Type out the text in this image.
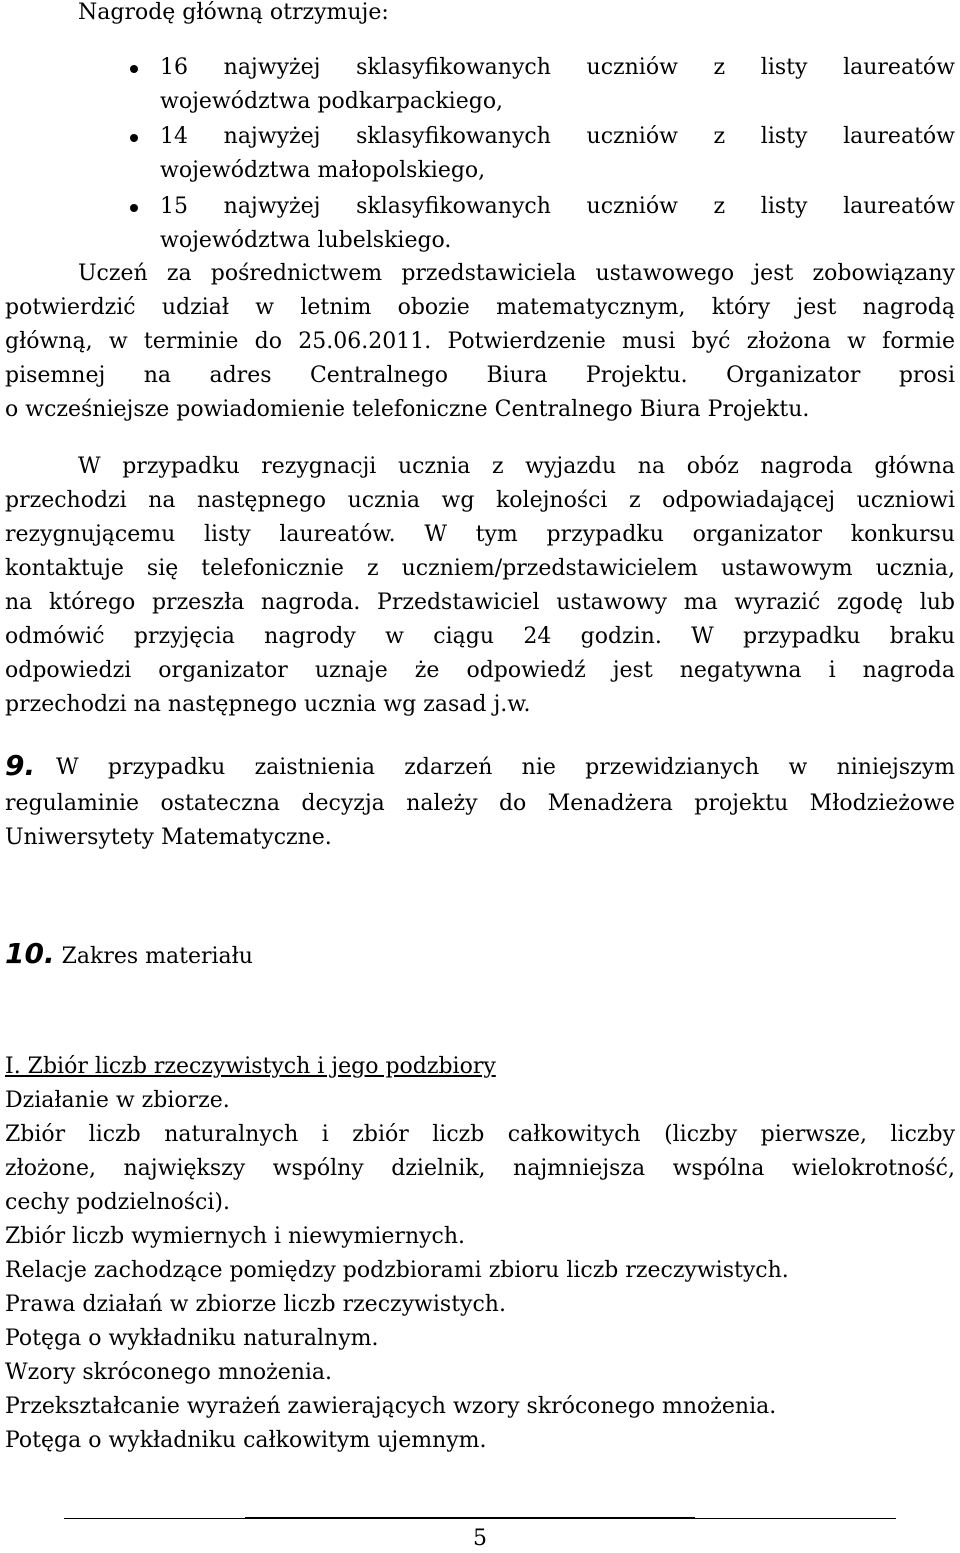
Nagrodę główną otrzymuje:
16 najwyżej sklasyfikowanych uczniów z listy laureatów
województwa podkarpackiego,
14 najwyżej sklasyfikowanych uczniów z listy laureatów
województwa małopolskiego,
15 najwyżej sklasyfikowanych uczniów z listy laureatów
województwa lubelskiego.
Uczeń za pośrednictwem przedstawiciela ustawowego jest zobowiązany
potwierdzić udział w letnim obozie matematycznym, który jest nagrodą
główną, w terminie do 25.06.2011. Potwierdzenie musi być złożona w formie
pisemnej na adres Centralnego Biura Projektu. Organizator prosi
o wcześniejsze powiadomienie telefoniczne Centralnego Biura Projektu.
W przypadku rezygnacji ucznia z wyjazdu na obóz nagroda główna
przechodzi na następnego ucznia wg kolejności z odpowiadającej uczniowi
rezygnującemu listy laureatów. W tym przypadku organizator konkursu
kontaktuje się telefonicznie z uczniem/przedstawicielem ustawowym ucznia,
na którego przeszła nagroda. Przedstawiciel ustawowy ma wyrazić zgodę lub
odmówić przyjęcia nagrody w ciągu 24 godzin. W przypadku braku
odpowiedzi organizator uznaje że odpowiedź jest negatywna i nagroda
przechodzi na następnego ucznia wg zasad j.w.
9. W przypadku zaistnienia zdarzeń nie przewidzianych w niniejszym
regulaminie ostateczna decyzja należy do Menadżera projektu Młodzieżowe
Uniwersytety Matematyczne.
10. Zakres materiału
I. Zbiór liczb rzeczywistych i jego podzbiory
Działanie w zbiorze.
Zbiór liczb naturalnych i zbiór liczb całkowitych (liczby pierwsze, liczby
złożone, największy wspólny dzielnik, najmniejsza wspólna wielokrotność,
cechy podzielności).
Zbiór liczb wymiernych i niewymiernych.
Relacje zachodzące pomiędzy podzbiorami zbioru liczb rzeczywistych.
Prawa działań w zbiorze liczb rzeczywistych.
Potęga o wykładniku naturalnym.
Wzory skróconego mnożenia.
Przekształcanie wyrażeń zawierających wzory skróconego mnożenia.
Potęga o wykładniku całkowitym ujemnym.
5
